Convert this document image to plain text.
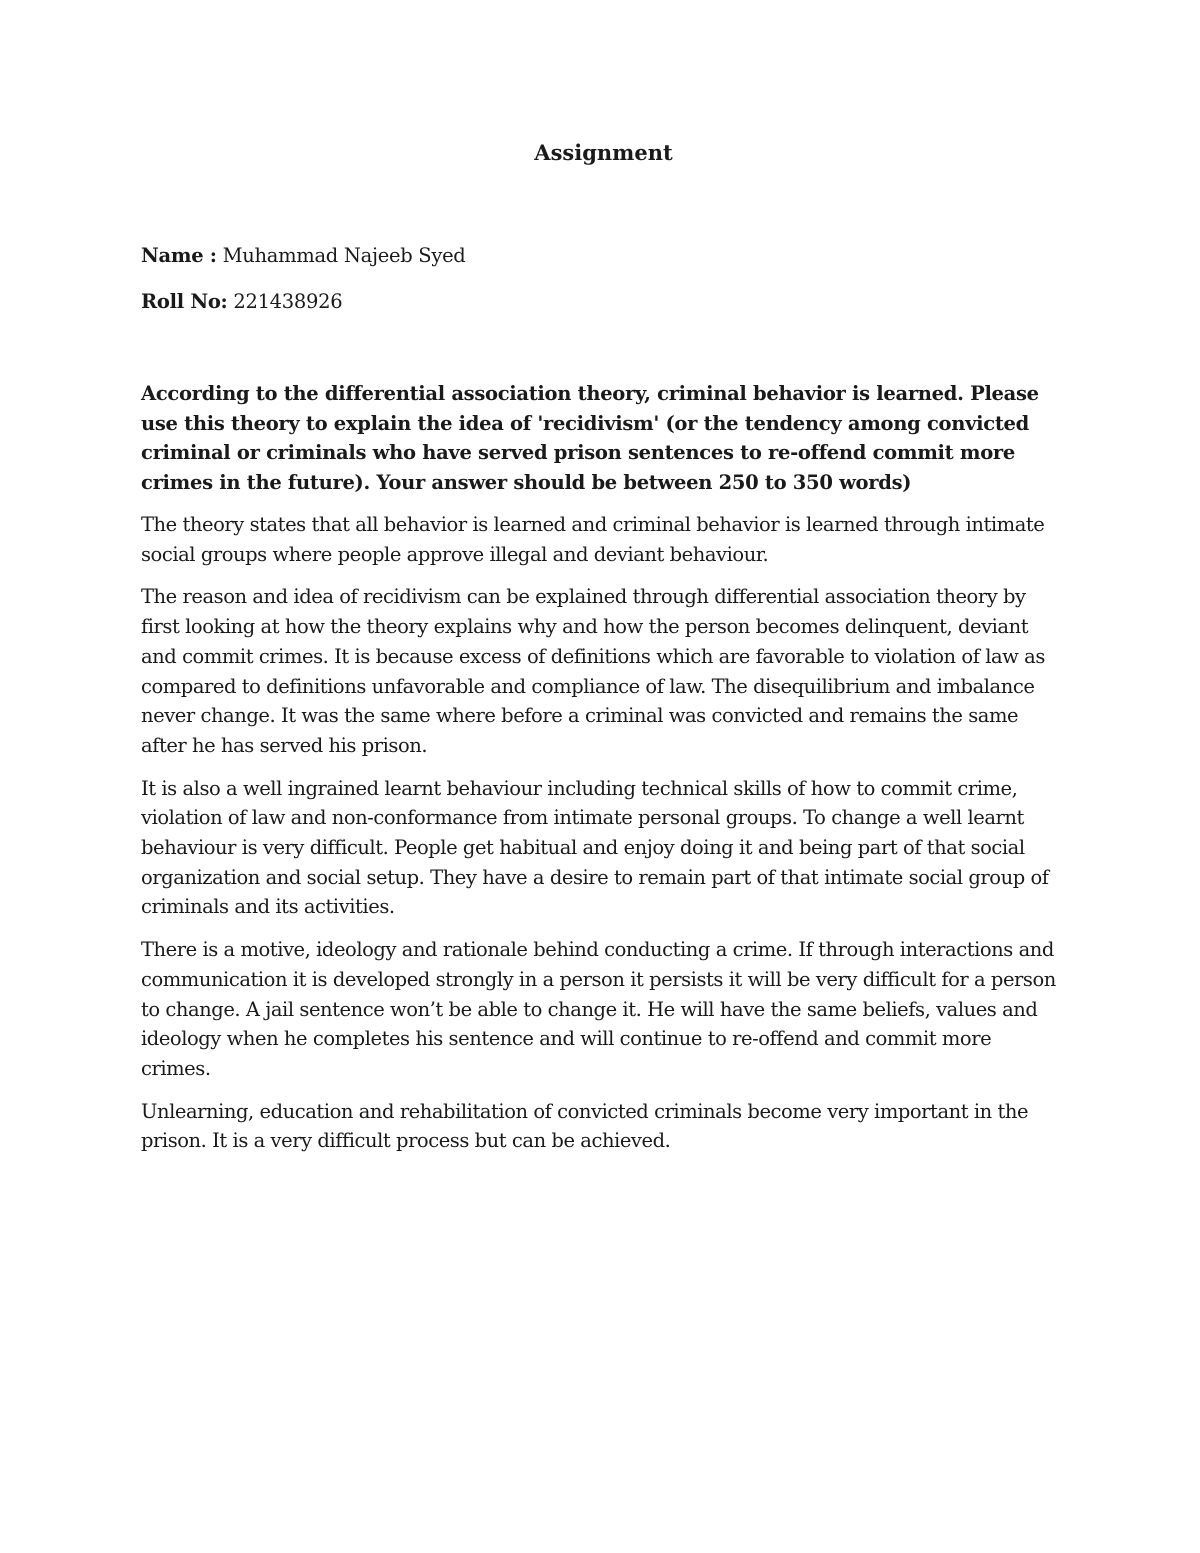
Assignment

Name : Muhammad Najeeb Syed

Roll No: 221438926

According to the differential association theory, criminal behavior is learned. Please use this theory to explain the idea of 'recidivism' (or the tendency among convicted criminal or criminals who have served prison sentences to re-offend commit more crimes in the future). Your answer should be between 250 to 350 words)

The theory states that all behavior is learned and criminal behavior is learned through intimate social groups where people approve illegal and deviant behaviour.

The reason and idea of recidivism can be explained through differential association theory by first looking at how the theory explains why and how the person becomes delinquent, deviant and commit crimes. It is because excess of definitions which are favorable to violation of law as compared to definitions unfavorable and compliance of law. The disequilibrium and imbalance never change. It was the same where before a criminal was convicted and remains the same after he has served his prison.

It is also a well ingrained learnt behaviour including technical skills of how to commit crime, violation of law and non-conformance from intimate personal groups. To change a well learnt behaviour is very difficult. People get habitual and enjoy doing it and being part of that social organization and social setup. They have a desire to remain part of that intimate social group of criminals and its activities.

There is a motive, ideology and rationale behind conducting a crime. If through interactions and communication it is developed strongly in a person it persists it will be very difficult for a person to change. A jail sentence won’t be able to change it. He will have the same beliefs, values and ideology when he completes his sentence and will continue to re-offend and commit more crimes.

Unlearning, education and rehabilitation of convicted criminals become very important in the prison. It is a very difficult process but can be achieved.
